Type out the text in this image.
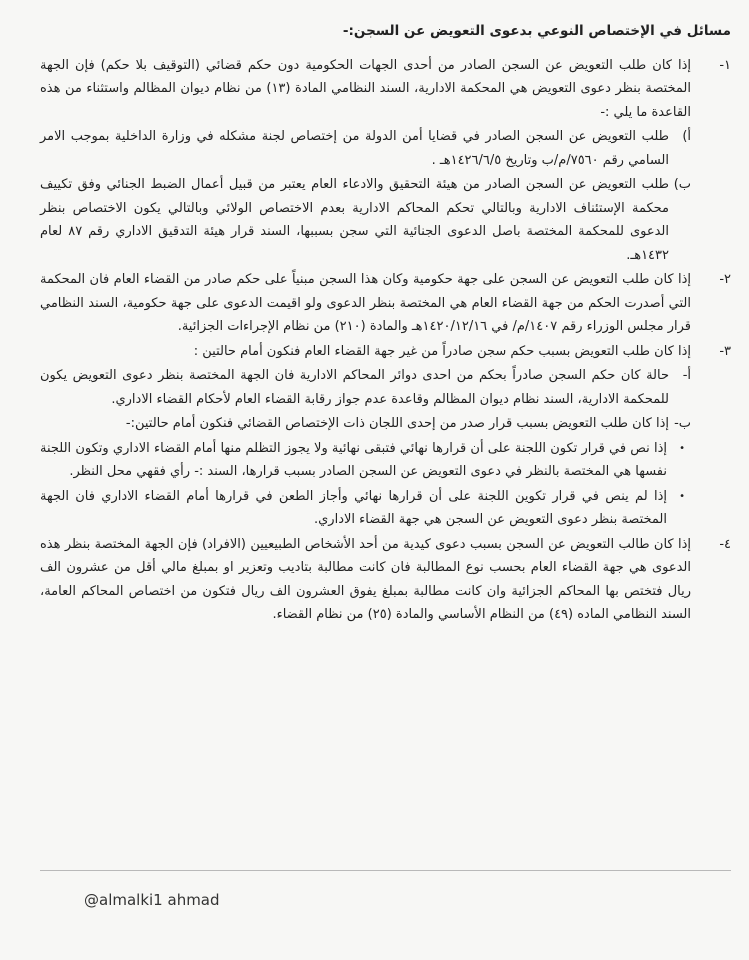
مسائل في الإختصاص النوعي بدعوى التعويض عن السجن:-
١-
إذا كان طلب التعويض عن السجن الصادر من أحدى الجهات الحكومية دون حكم قضائي (التوقيف بلا حكم) فإن الجهة المختصة بنظر دعوى التعويض هي المحكمة الادارية، السند النظامي المادة (١٣) من نظام ديوان المظالم واستثناء من هذه القاعدة ما يلي :-
أ)
طلب التعويض عن السجن الصادر في قضايا أمن الدولة من إختصاص لجنة مشكله في وزارة الداخلية بموجب الامر السامي رقم ٧٥٦٠/م/ب وتاريخ ١٤٢٦/٦/٥هـ .
ب)
طلب التعويض عن السجن الصادر من هيئة التحقيق والادعاء العام يعتبر من قبيل أعمال الضبط الجنائي وفق تكييف محكمة الإستئناف الادارية وبالتالي تحكم المحاكم الادارية بعدم الاختصاص الولائي وبالتالي يكون الاختصاص بنظر الدعوى للمحكمة المختصة باصل الدعوى الجنائية التي سجن بسببها، السند قرار هيئة التدقيق الاداري رقم ٨٧ لعام ١٤٣٢هـ.
٢-
إذا كان طلب التعويض عن السجن على جهة حكومية وكان هذا السجن مبنياً على حكم صادر من القضاء العام فان المحكمة التي أصدرت الحكم من جهة القضاء العام هي المختصة بنظر الدعوى ولو اقيمت الدعوى على جهة حكومية، السند النظامي قرار مجلس الوزراء رقم ١٤٠٧/م/ في ١٤٢٠/١٢/١٦هـ والمادة (٢١٠) من نظام الإجراءات الجزائية.
٣-
إذا كان طلب التعويض بسبب حكم سجن صادراً من غير جهة القضاء العام فنكون أمام حالتين :
أ-
حالة كان حكم السجن صادراً بحكم من احدى دوائر المحاكم الادارية فان الجهة المختصة بنظر دعوى التعويض يكون للمحكمة الادارية، السند نظام ديوان المظالم وقاعدة عدم جواز رقابة القضاء العام لأحكام القضاء الاداري.
ب-
إذا كان طلب التعويض بسبب قرار صدر من إحدى اللجان ذات الإختصاص القضائي فنكون أمام حالتين:-
•
إذا نص في قرار تكون اللجنة على أن قرارها نهائي فتبقى نهائية ولا يجوز التظلم منها أمام القضاء الاداري وتكون اللجنة نفسها هي المختصة بالنظر في دعوى التعويض عن السجن الصادر بسبب قرارها، السند :- رأي فقهي محل النظر.
•
إذا لم ينص في قرار تكوين اللجنة على أن قرارها نهائي وأجاز الطعن في قرارها أمام القضاء الاداري فان الجهة المختصة بنظر دعوى التعويض عن السجن هي جهة القضاء الاداري.
٤-
إذا كان طالب التعويض عن السجن بسبب دعوى كيدية من أحد الأشخاص الطبيعيين (الافراد) فإن الجهة المختصة بنظر هذه الدعوى هي جهة القضاء العام بحسب نوع المطالبة فان كانت مطالبة بتاديب وتعزير او بمبلغ مالي أقل من عشرون الف ريال فتختص بها المحاكم الجزائية وان كانت مطالبة بمبلغ يفوق العشرون الف ريال فتكون من اختصاص المحاكم العامة، السند النظامي الماده (٤٩) من النظام الأساسي والمادة (٢٥) من نظام القضاء.
@almalki1 ahmad
